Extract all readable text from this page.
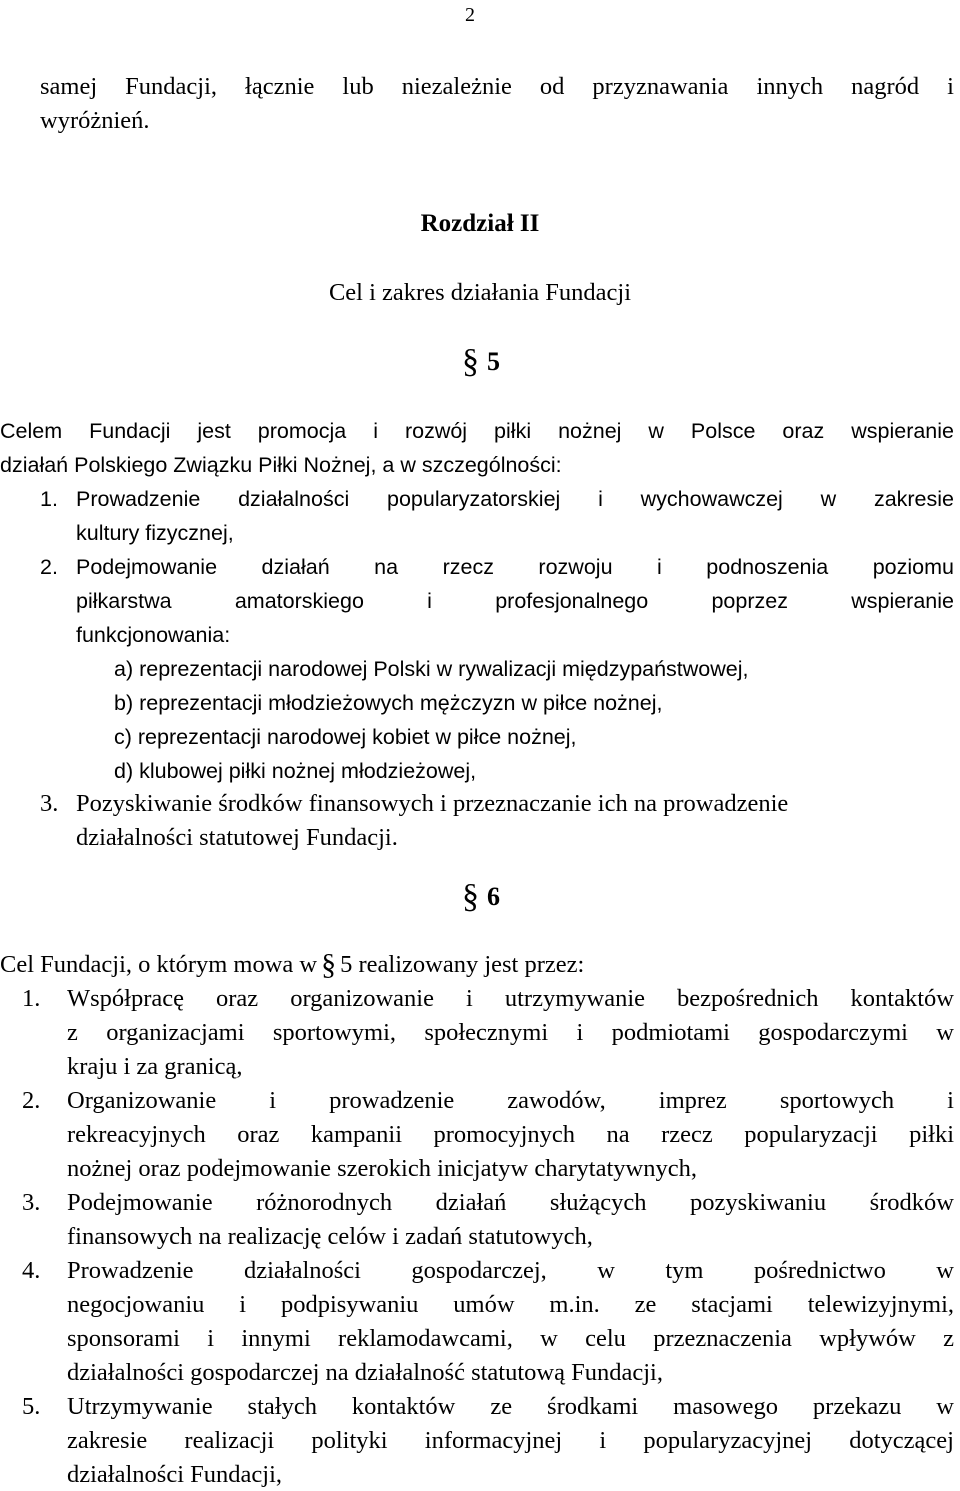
2
samej Fundacji, łącznie lub niezależnie od przyznawania innych nagród i
wyróżnień.
Rozdział II
Cel i zakres działania Fundacji
§ 5
Celem Fundacji jest promocja i rozwój piłki nożnej w Polsce oraz wspieranie
działań Polskiego Związku Piłki Nożnej, a w szczególności:
1. Prowadzenie działalności popularyzatorskiej i wychowawczej w zakresie
kultury fizycznej,
2. Podejmowanie działań na rzecz rozwoju i podnoszenia poziomu
piłkarstwa amatorskiego i profesjonalnego poprzez wspieranie
funkcjonowania:
a) reprezentacji narodowej Polski w rywalizacji międzypaństwowej,
b) reprezentacji młodzieżowych mężczyzn w piłce nożnej,
c) reprezentacji narodowej kobiet w piłce nożnej,
d) klubowej piłki nożnej młodzieżowej,
3. Pozyskiwanie środków finansowych i przeznaczanie ich na prowadzenie
działalności statutowej Fundacji.
§ 6
Cel Fundacji, o którym mowa w § 5 realizowany jest przez:
1. Współpracę oraz organizowanie i utrzymywanie bezpośrednich kontaktów
z organizacjami sportowymi, społecznymi i podmiotami gospodarczymi w
kraju i za granicą,
2. Organizowanie i prowadzenie zawodów, imprez sportowych i
rekreacyjnych oraz kampanii promocyjnych na rzecz popularyzacji piłki
nożnej oraz podejmowanie szerokich inicjatyw charytatywnych,
3. Podejmowanie różnorodnych działań służących pozyskiwaniu środków
finansowych na realizację celów i zadań statutowych,
4. Prowadzenie działalności gospodarczej, w tym pośrednictwo w
negocjowaniu i podpisywaniu umów m.in. ze stacjami telewizyjnymi,
sponsorami i innymi reklamodawcami, w celu przeznaczenia wpływów z
działalności gospodarczej na działalność statutową Fundacji,
5. Utrzymywanie stałych kontaktów ze środkami masowego przekazu w
zakresie realizacji polityki informacyjnej i popularyzacyjnej dotyczącej
działalności Fundacji,
